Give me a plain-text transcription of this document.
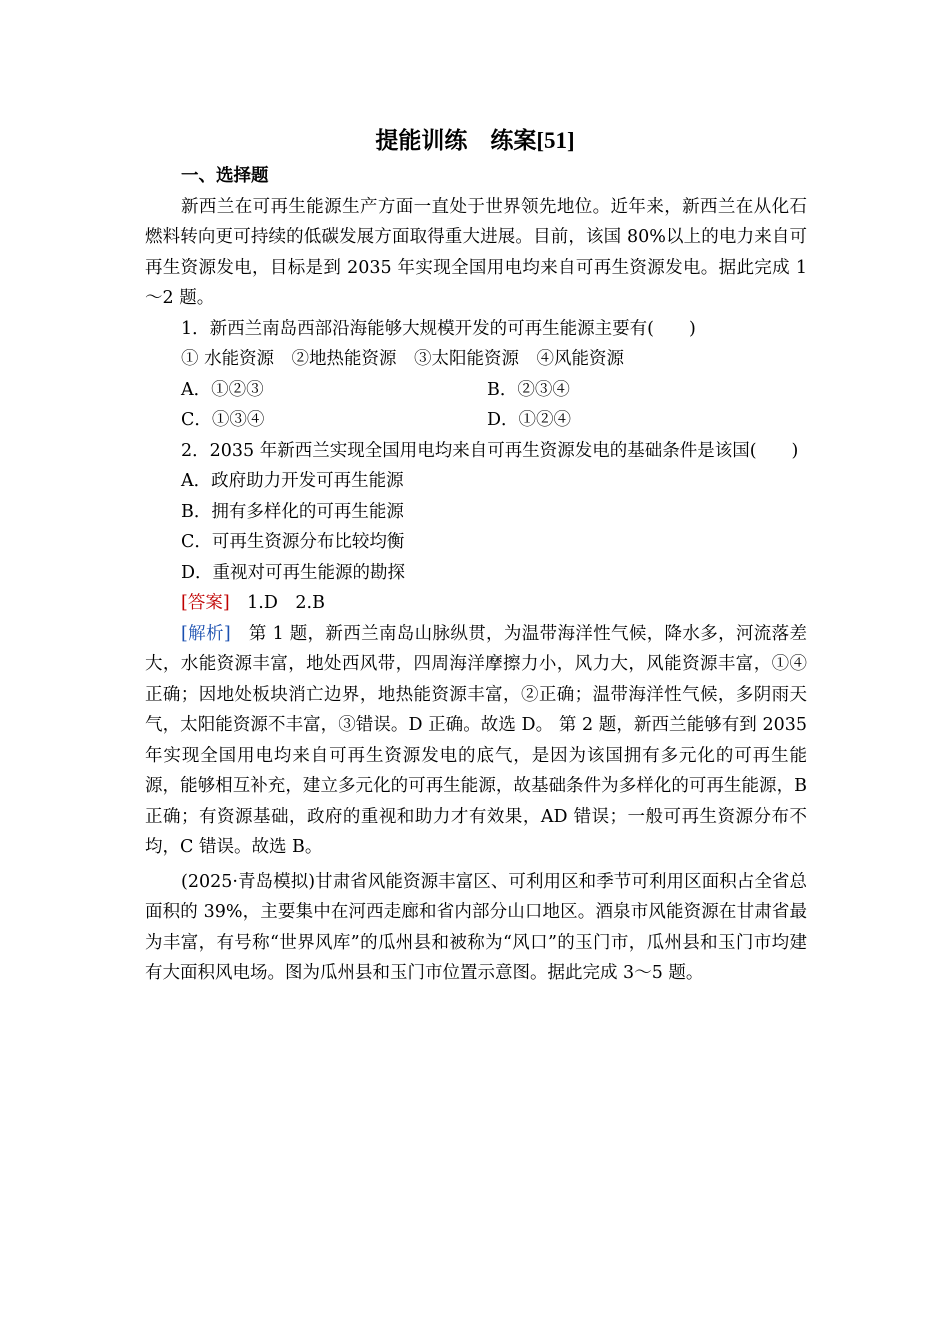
提能训练　练案[51]

一、选择题

新西兰在可再生能源生产方面一直处于世界领先地位。近年来，新西兰在从化石燃料转向更可持续的低碳发展方面取得重大进展。目前，该国 80%以上的电力来自可再生资源发电，目标是到 2035 年实现全国用电均来自可再生资源发电。据此完成 1～2 题。

1．新西兰南岛西部沿海能够大规模开发的可再生能源主要有(　　)

① 水能资源　②地热能资源　③太阳能资源　④风能资源

A．①②③	B．②③④
C．①③④	D．①②④

2．2035 年新西兰实现全国用电均来自可再生资源发电的基础条件是该国(　　)

A．政府助力开发可再生能源

B．拥有多样化的可再生能源

C．可再生资源分布比较均衡

D．重视对可再生能源的勘探

[答案]　1.D　2.B

[解析]　第 1 题，新西兰南岛山脉纵贯，为温带海洋性气候，降水多，河流落差大，水能资源丰富，地处西风带，四周海洋摩擦力小，风力大，风能资源丰富，①④正确；因地处板块消亡边界，地热能资源丰富，②正确；温带海洋性气候，多阴雨天气，太阳能资源不丰富，③错误。D 正确。故选 D。 第 2 题，新西兰能够有到 2035 年实现全国用电均来自可再生资源发电的底气，是因为该国拥有多元化的可再生能源，能够相互补充，建立多元化的可再生能源，故基础条件为多样化的可再生能源，B 正确；有资源基础，政府的重视和助力才有效果，AD 错误；一般可再生资源分布不均，C 错误。故选 B。

(2025·青岛模拟)甘肃省风能资源丰富区、可利用区和季节可利用区面积占全省总面积的 39%，主要集中在河西走廊和省内部分山口地区。酒泉市风能资源在甘肃省最为丰富，有号称“世界风库”的瓜州县和被称为“风口”的玉门市，瓜州县和玉门市均建有大面积风电场。图为瓜州县和玉门市位置示意图。据此完成 3～5 题。
